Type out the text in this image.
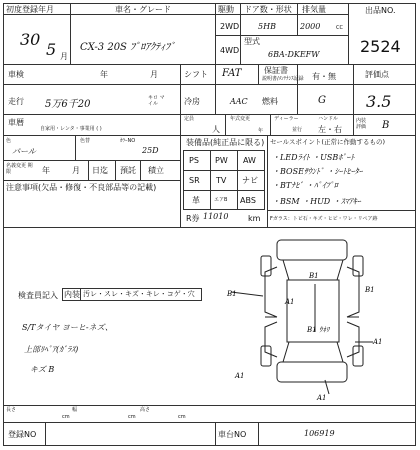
初度登録年月	車名・グレード	駆動 ドア数・形状 排気量	出品NO.
2524
30
5 月
CX-3 20S ﾌﾟﾛｱｸﾃｨﾌﾞ
2WD
4WD
5HB	2000	CC
型式
6BA-DKEFW
車検	年	月	シフト FAT	保証書
説明書/ﾒﾝﾃﾅﾝｽ記録 有・無	評価点
走行 5万6千20
キロ マイル	冷房	AAC 燃料	G	3.5
車暦
自家用・レンタ・事業用 ( )
定員
人
年式変更
年
ディーラー
並行
ハンドル
左・右
内装 評価	B
色
パール
色替	ｶﾗｰNO
25D
名義変更 期限	年	月 日迄 預託 積立
注意事項(欠品・修復・不良部品等の記載)
装備品(純正品に限る)
PS PW AW
SR TV ナビ
革	エアB ABS
R券 11010 km
セールスポイント(正常に作動するもの)
・LEDﾗｲﾄ ・USBﾎﾟｰﾄ
・BOSEｻｳﾝﾄﾞ ・ｼｰﾄﾋｰﾀｰ
・BTﾅﾋﾞ ・ﾊﾟｲﾌﾟﾛ
・BSM ・HUD ・ｽﾏｱｷｰ
Fガラス：トビ石・キズ・ヒビ・ワレ・リペア跡
検査員記入 内装 汚レ・スレ・キズ・キレ・コゲ・穴
S/Tタイヤ ヨーヒ-ネズ、
上部ﾘﾍﾟｱ(ｶﾞﾗｽ)
キズ B
B1
B1
A1
B1
B1 ｳﾈﾘ
A1
A1
A1
長さ
cm
幅
cm
高さ
cm
登録NO	車台NO	106919
